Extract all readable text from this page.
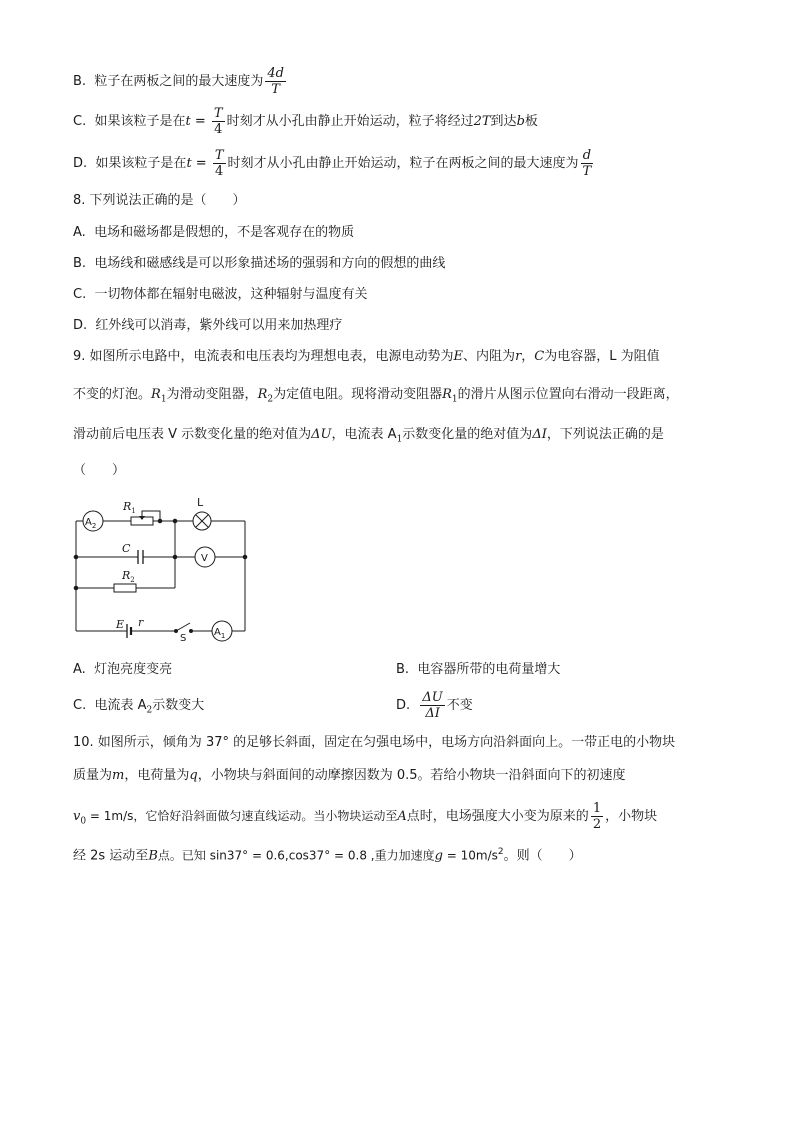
B. 粒子在两板之间的最大速度为 $\frac{4d}{T}$
C. 如果该粒子是在$t = \frac{T}{4}$ 时刻才从小孔由静止开始运动，粒子将经过2T到达b板
D. 如果该粒子是在$t = \frac{T}{4}$ 时刻才从小孔由静止开始运动，粒子在两板之间的最大速度为 $\frac{d}{T}$
8. 下列说法正确的是（　　）
A. 电场和磁场都是假想的，不是客观存在的物质
B. 电场线和磁感线是可以形象描述场的强弱和方向的假想的曲线
C. 一切物体都在辐射电磁波，这种辐射与温度有关
D. 红外线可以消毒，紫外线可以用来加热理疗
9. 如图所示电路中，电流表和电压表均为理想电表，电源电动势为E、内阻为r，C为电容器，L 为阻值
不变的灯泡。$R_1$为滑动变阻器，$R_2$为定值电阻。现将滑动变阻器$R_1$的滑片从图示位置向右滑动一段距离，
滑动前后电压表 V 示数变化量的绝对值为ΔU，电流表 $A_1$示数变化量的绝对值为ΔI，下列说法正确的是
（　　）
$A_2$
$R_1$
L
C
V
$R_2$
E r
S
$A_1$
A. 灯泡亮度变亮	B. 电容器所带的电荷量增大
C. 电流表 $A_2$示数变大	D. $\frac{\Delta U}{\Delta I}$ 不变
10. 如图所示，倾角为 37° 的足够长斜面，固定在匀强电场中，电场方向沿斜面向上。一带正电的小物块
质量为m，电荷量为q，小物块与斜面间的动摩擦因数为 0.5。若给小物块一沿斜面向下的初速度
$v_0 = 1m/s$，它恰好沿斜面做匀速直线运动。当小物块运动至A点时，电场强度大小变为原来的 $\frac{1}{2}$ ，小物块
经 2s 运动至B点。已知 sin37° = 0.6,cos37° = 0.8 ,重力加速度$g = 10m/s^2$。则（　　）
